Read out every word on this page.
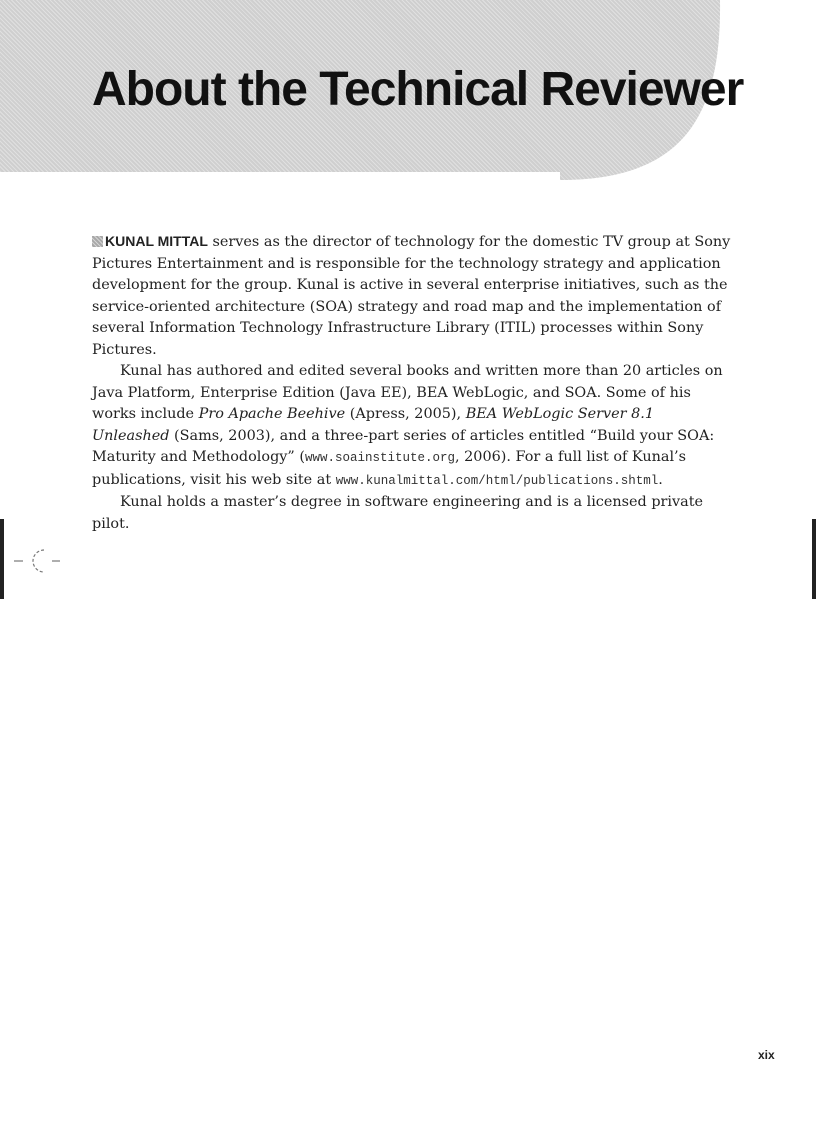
About the Technical Reviewer

KUNAL MITTAL serves as the director of technology for the domestic TV group at Sony Pictures Entertainment and is responsible for the technology strategy and application development for the group. Kunal is active in several enterprise initiatives, such as the service-oriented architecture (SOA) strategy and road map and the implementation of several Information Technology Infrastructure Library (ITIL) processes within Sony Pictures.

Kunal has authored and edited several books and written more than 20 articles on Java Platform, Enterprise Edition (Java EE), BEA WebLogic, and SOA. Some of his works include Pro Apache Beehive (Apress, 2005), BEA WebLogic Server 8.1 Unleashed (Sams, 2003), and a three-part series of articles entitled “Build your SOA: Maturity and Methodology” (www.soainstitute.org, 2006). For a full list of Kunal’s publications, visit his web site at www.kunalmittal.com/html/publications.shtml.

Kunal holds a master’s degree in software engineering and is a licensed private pilot.

xix
